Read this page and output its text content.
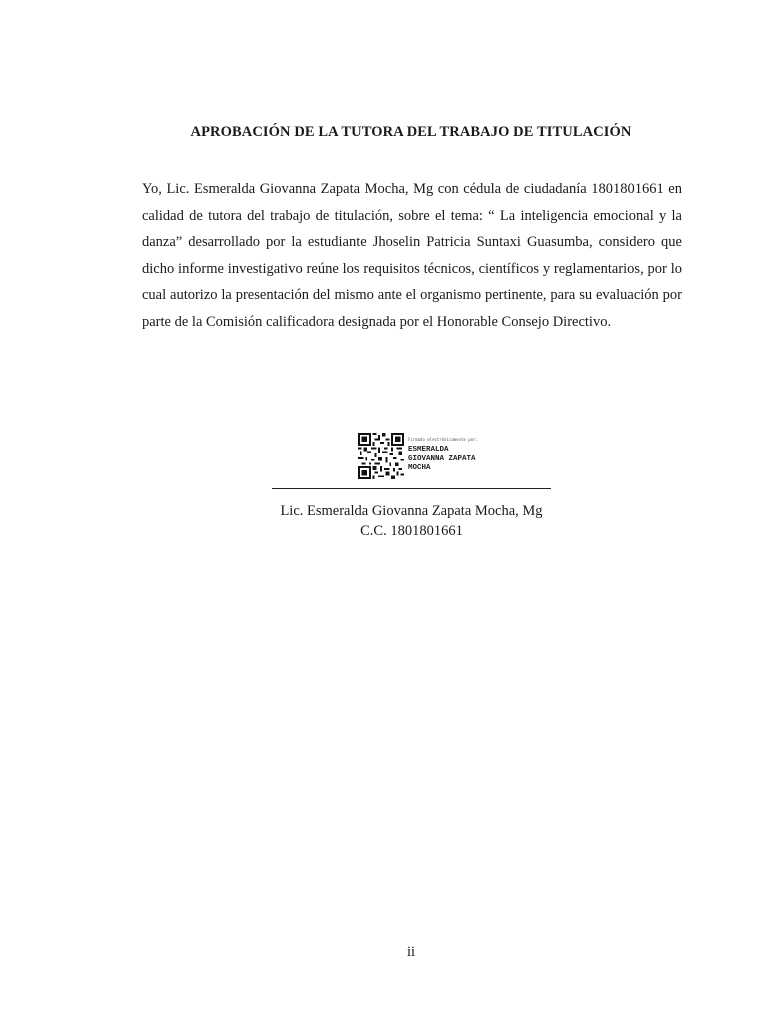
APROBACIÓN DE LA TUTORA DEL TRABAJO DE TITULACIÓN

Yo, Lic. Esmeralda Giovanna Zapata Mocha, Mg con cédula de ciudadanía 1801801661 en calidad de tutora del trabajo de titulación, sobre el tema: “ La inteligencia emocional y la danza” desarrollado por la estudiante Jhoselin Patricia Suntaxi Guasumba, considero que dicho informe investigativo reúne los requisitos técnicos, científicos y reglamentarios, por lo cual autorizo la presentación del mismo ante el organismo pertinente, para su evaluación por parte de la Comisión calificadora designada por el Honorable Consejo Directivo.

Firmado electrónicamente por:
ESMERALDA
GIOVANNA ZAPATA
MOCHA
Lic. Esmeralda Giovanna Zapata Mocha, Mg
C.C. 1801801661
ii
